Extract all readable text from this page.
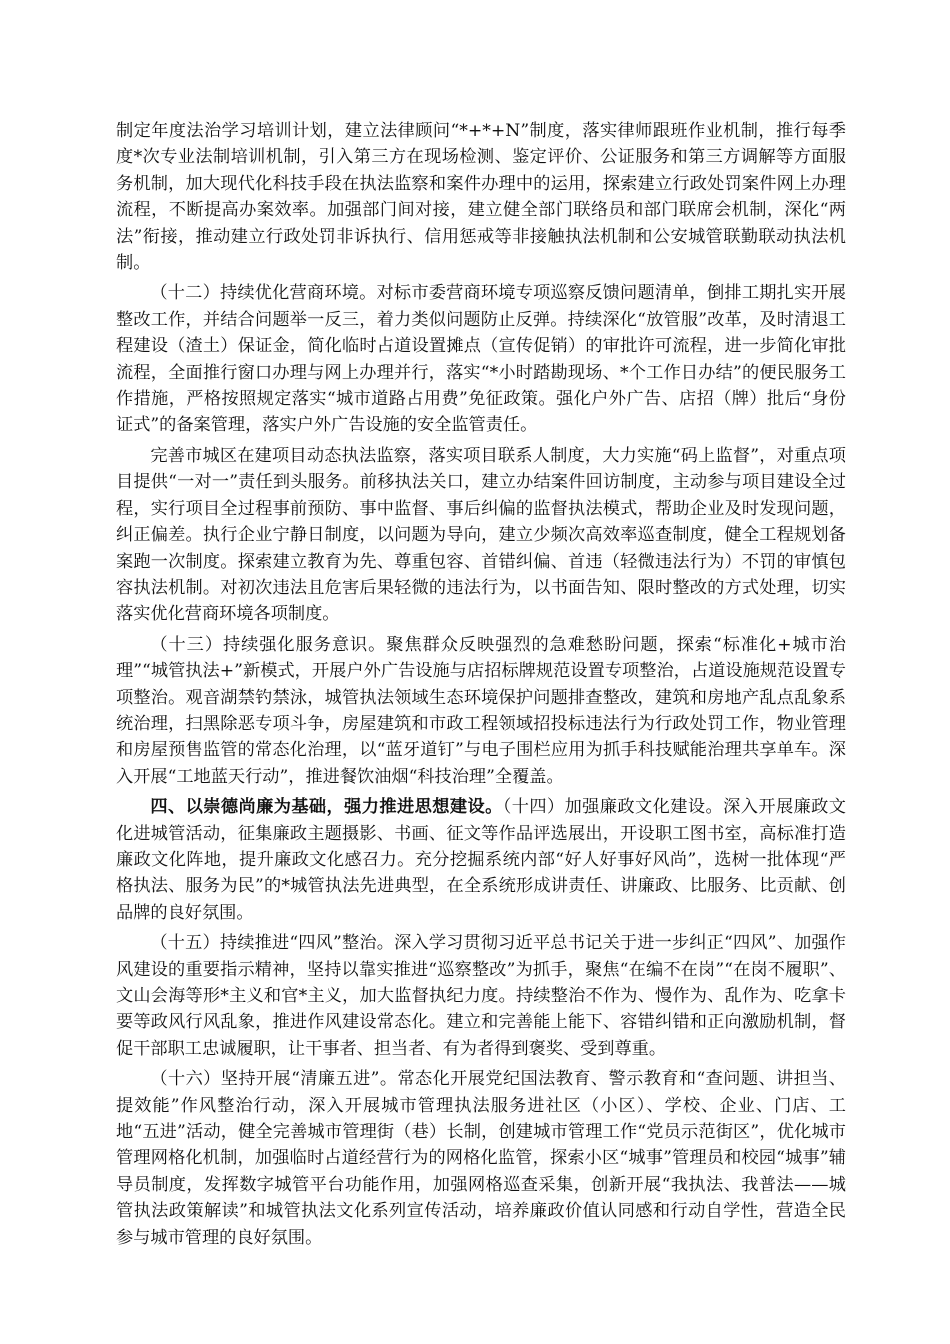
制定年度法治学习培训计划，建立法律顾问“*+*+N”制度，落实律师跟班作业机制，推行每季度*次专业法制培训机制，引入第三方在现场检测、鉴定评价、公证服务和第三方调解等方面服务机制，加大现代化科技手段在执法监察和案件办理中的运用，探索建立行政处罚案件网上办理流程，不断提高办案效率。加强部门间对接，建立健全部门联络员和部门联席会机制，深化“两法”衔接，推动建立行政处罚非诉执行、信用惩戒等非接触执法机制和公安城管联勤联动执法机制。

（十二）持续优化营商环境。对标市委营商环境专项巡察反馈问题清单，倒排工期扎实开展整改工作，并结合问题举一反三，着力类似问题防止反弹。持续深化“放管服”改革，及时清退工程建设（渣土）保证金，简化临时占道设置摊点（宣传促销）的审批许可流程，进一步简化审批流程，全面推行窗口办理与网上办理并行，落实“*小时踏勘现场、*个工作日办结”的便民服务工作措施，严格按照规定落实“城市道路占用费”免征政策。强化户外广告、店招（牌）批后“身份证式”的备案管理，落实户外广告设施的安全监管责任。

完善市城区在建项目动态执法监察，落实项目联系人制度，大力实施“码上监督”，对重点项目提供“一对一”责任到头服务。前移执法关口，建立办结案件回访制度，主动参与项目建设全过程，实行项目全过程事前预防、事中监督、事后纠偏的监督执法模式，帮助企业及时发现问题，纠正偏差。执行企业宁静日制度，以问题为导向，建立少频次高效率巡查制度，健全工程规划备案跑一次制度。探索建立教育为先、尊重包容、首错纠偏、首违（轻微违法行为）不罚的审慎包容执法机制。对初次违法且危害后果轻微的违法行为，以书面告知、限时整改的方式处理，切实落实优化营商环境各项制度。

（十三）持续强化服务意识。聚焦群众反映强烈的急难愁盼问题，探索“标准化+城市治理”“城管执法+”新模式，开展户外广告设施与店招标牌规范设置专项整治，占道设施规范设置专项整治。观音湖禁钓禁泳，城管执法领域生态环境保护问题排查整改，建筑和房地产乱点乱象系统治理，扫黑除恶专项斗争，房屋建筑和市政工程领域招投标违法行为行政处罚工作，物业管理和房屋预售监管的常态化治理，以“蓝牙道钉”与电子围栏应用为抓手科技赋能治理共享单车。深入开展“工地蓝天行动”，推进餐饮油烟“科技治理”全覆盖。

四、以崇德尚廉为基础，强力推进思想建设。（十四）加强廉政文化建设。深入开展廉政文化进城管活动，征集廉政主题摄影、书画、征文等作品评选展出，开设职工图书室，高标准打造廉政文化阵地，提升廉政文化感召力。充分挖掘系统内部“好人好事好风尚”，选树一批体现“严格执法、服务为民”的*城管执法先进典型，在全系统形成讲责任、讲廉政、比服务、比贡献、创品牌的良好氛围。

（十五）持续推进“四风”整治。深入学习贯彻习近平总书记关于进一步纠正“四风”、加强作风建设的重要指示精神，坚持以靠实推进“巡察整改”为抓手，聚焦“在编不在岗”“在岗不履职”、文山会海等形*主义和官*主义，加大监督执纪力度。持续整治不作为、慢作为、乱作为、吃拿卡要等政风行风乱象，推进作风建设常态化。建立和完善能上能下、容错纠错和正向激励机制，督促干部职工忠诚履职，让干事者、担当者、有为者得到褒奖、受到尊重。

（十六）坚持开展“清廉五进”。常态化开展党纪国法教育、警示教育和“查问题、讲担当、提效能”作风整治行动，深入开展城市管理执法服务进社区（小区）、学校、企业、门店、工地“五进”活动，健全完善城市管理街（巷）长制，创建城市管理工作“党员示范街区”，优化城市管理网格化机制，加强临时占道经营行为的网格化监管，探索小区“城事”管理员和校园“城事”辅导员制度，发挥数字城管平台功能作用，加强网格巡查采集，创新开展“我执法、我普法——城管执法政策解读”和城管执法文化系列宣传活动，培养廉政价值认同感和行动自学性，营造全民参与城市管理的良好氛围。
